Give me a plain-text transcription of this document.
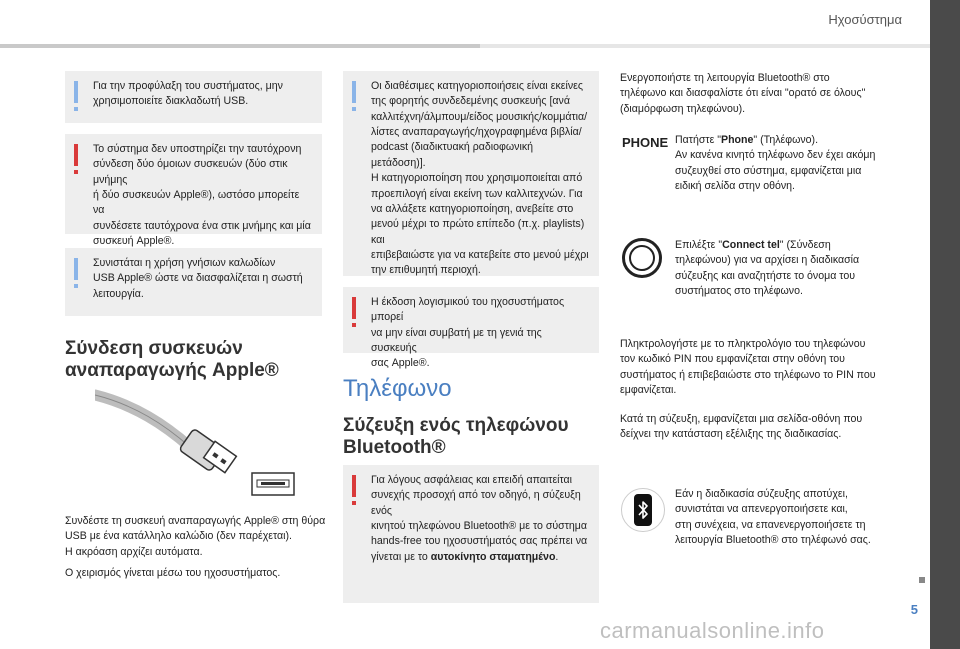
Ηχοσύστημα
5
carmanualsonline.info
Για την προφύλαξη του συστήματος, μην
χρησιμοποιείτε διακλαδωτή USB.
Το σύστημα δεν υποστηρίζει την ταυτόχρονη
σύνδεση δύο όμοιων συσκευών (δύο στικ μνήμης
ή δύο συσκευών Apple®), ωστόσο μπορείτε να
συνδέσετε ταυτόχρονα ένα στικ μνήμης και μία
συσκευή Apple®.
Συνιστάται η χρήση γνήσιων καλωδίων
USB Apple® ώστε να διασφαλίζεται η σωστή
λειτουργία.
Σύνδεση συσκευών
αναπαραγωγής Apple®
Συνδέστε τη συσκευή αναπαραγωγής Apple® στη θύρα
USB με ένα κατάλληλο καλώδιο (δεν παρέχεται).
Η ακρόαση αρχίζει αυτόματα.
Ο χειρισμός γίνεται μέσω του ηχοσυστήματος.
Οι διαθέσιμες κατηγοριοποιήσεις είναι εκείνες
της φορητής συνδεδεμένης συσκευής [ανά
καλλιτέχνη/άλμπουμ/είδος μουσικής/κομμάτια/
λίστες αναπαραγωγής/ηχογραφημένα βιβλία/
podcast (διαδικτυακή ραδιοφωνική μετάδοση)].
Η κατηγοριοποίηση που χρησιμοποιείται από
προεπιλογή είναι εκείνη των καλλιτεχνών. Για
να αλλάξετε κατηγοριοποίηση, ανεβείτε στο
μενού μέχρι το πρώτο επίπεδο (π.χ. playlists) και
επιβεβαιώστε για να κατεβείτε στο μενού μέχρι
την επιθυμητή περιοχή.
Η έκδοση λογισμικού του ηχοσυστήματος μπορεί
να μην είναι συμβατή με τη γενιά της συσκευής
σας Apple®.
Τηλέφωνο
Σύζευξη ενός τηλεφώνου
Bluetooth®
Για λόγους ασφάλειας και επειδή απαιτείται
συνεχής προσοχή από τον οδηγό, η σύζευξη ενός
κινητού τηλεφώνου Bluetooth® με το σύστημα
hands-free του ηχοσυστήματός σας πρέπει να
γίνεται με το αυτοκίνητο σταματημένο.
Ενεργοποιήστε τη λειτουργία Bluetooth® στο
τηλέφωνο και διασφαλίστε ότι είναι "ορατό σε όλους"
(διαμόρφωση τηλεφώνου).
PHONE Πατήστε "Phone" (Τηλέφωνο).
Αν κανένα κινητό τηλέφωνο δεν έχει ακόμη
συζευχθεί στο σύστημα, εμφανίζεται μια
ειδική σελίδα στην οθόνη.
Επιλέξτε "Connect tel" (Σύνδεση
τηλεφώνου) για να αρχίσει η διαδικασία
σύζευξης και αναζητήστε το όνομα του
συστήματος στο τηλέφωνο.
Πληκτρολογήστε με το πληκτρολόγιο του τηλεφώνου
τον κωδικό PIN που εμφανίζεται στην οθόνη του
συστήματος ή επιβεβαιώστε στο τηλέφωνο το PIN που
εμφανίζεται.
Κατά τη σύζευξη, εμφανίζεται μια σελίδα-οθόνη που
δείχνει την κατάσταση εξέλιξης της διαδικασίας.
Εάν η διαδικασία σύζευξης αποτύχει,
συνιστάται να απενεργοποιήσετε και,
στη συνέχεια, να επανενεργοποιήσετε τη
λειτουργία Bluetooth® στο τηλέφωνό σας.
